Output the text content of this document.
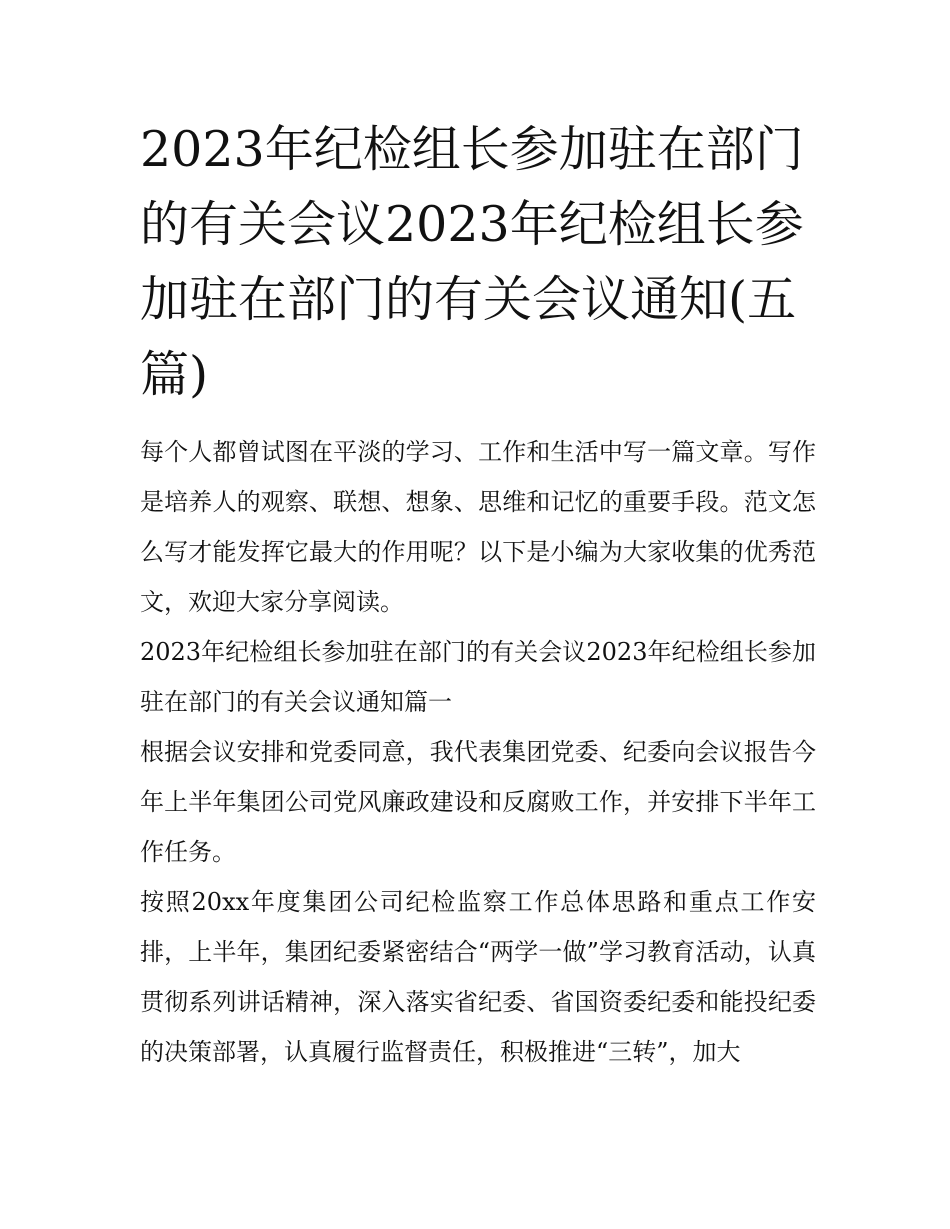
2023年纪检组长参加驻在部门的有关会议2023年纪检组长参加驻在部门的有关会议通知(五篇)

每个人都曾试图在平淡的学习、工作和生活中写一篇文章。写作是培养人的观察、联想、想象、思维和记忆的重要手段。范文怎么写才能发挥它最大的作用呢？以下是小编为大家收集的优秀范文，欢迎大家分享阅读。

2023年纪检组长参加驻在部门的有关会议2023年纪检组长参加驻在部门的有关会议通知篇一

根据会议安排和党委同意，我代表集团党委、纪委向会议报告今年上半年集团公司党风廉政建设和反腐败工作，并安排下半年工作任务。

按照20xx年度集团公司纪检监察工作总体思路和重点工作安排，上半年，集团纪委紧密结合“两学一做”学习教育活动，认真贯彻系列讲话精神，深入落实省纪委、省国资委纪委和能投纪委的决策部署，认真履行监督责任，积极推进“三转”，加大
